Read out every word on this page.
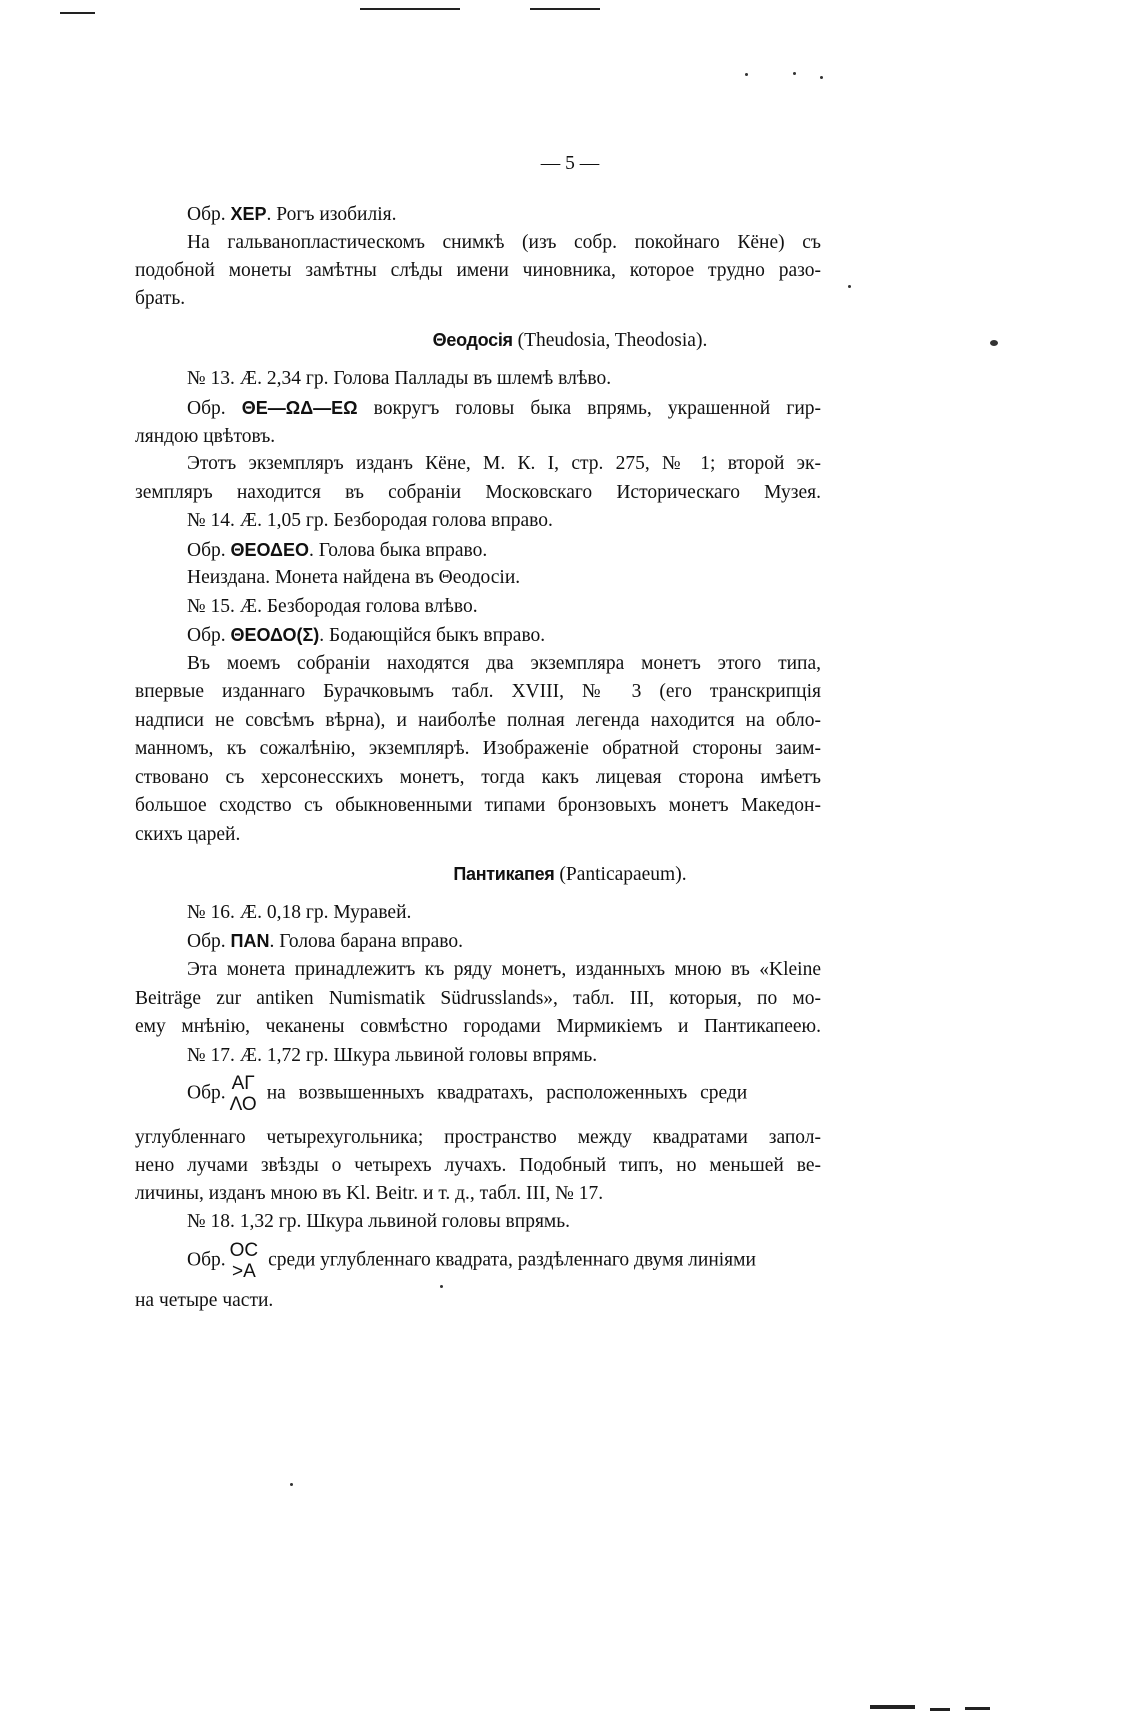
— 5 —
Обр. ХЕР. Рогъ изобилія.
На гальванопластическомъ снимкѣ (изъ собр. покойнаго Кёне) съ
подобной монеты замѣтны слѣды имени чиновника, которое трудно разо-
брать.
Θеодосія (Theudosia, Theodosia).
№ 13. Æ. 2,34 гр. Голова Паллады въ шлемѣ влѣво.
Обр. ΘΕ—ΩΔ—ΕΩ вокругъ головы быка впрямь, украшенной гир-
ляндою цвѣтовъ.
Этотъ экземпляръ изданъ Кёне, М. К. I, стр. 275, № 1; второй эк-
земпляръ находится въ собраніи Московскаго Историческаго Музея.
№ 14. Æ. 1,05 гр. Безбородая голова вправо.
Обр. ΘΕΟΔΕΟ. Голова быка вправо.
Неиздана. Монета найдена въ Θеодосіи.
№ 15. Æ. Безбородая голова влѣво.
Обр. ΘΕΟΔΟ(Σ). Бодающійся быкъ вправо.
Въ моемъ собраніи находятся два экземпляра монетъ этого типа,
впервые изданнаго Бурачковымъ табл. XVIII, № 3 (его транскрипція
надписи не совсѣмъ вѣрна), и наиболѣе полная легенда находится на обло-
манномъ, къ сожалѣнію, экземплярѣ. Изображеніе обратной стороны заим-
ствовано съ херсонесскихъ монетъ, тогда какъ лицевая сторона имѣетъ
большое сходство съ обыкновенными типами бронзовыхъ монетъ Македон-
скихъ царей.
Пантикапея (Panticapaeum).
№ 16. Æ. 0,18 гр. Муравей.
Обр. ΠΑΝ. Голова барана вправо.
Эта монета принадлежитъ къ ряду монетъ, изданныхъ мною въ «Kleine
Beiträge zur antiken Numismatik Südrusslands», табл. III, которыя, по мо-
ему мнѣнію, чеканены совмѣстно городами Мирмикіемъ и Пантикапеею.
№ 17. Æ. 1,72 гр. Шкура львиной головы впрямь.
Обр. ΑΓ
ΛΟ
на возвышенныхъ квадратахъ, расположенныхъ среди
углубленнаго четырехугольника; пространство между квадратами запол-
нено лучами звѣзды о четырехъ лучахъ. Подобный типъ, но меньшей ве-
личины, изданъ мною въ Kl. Beitr. и т. д., табл. III, № 17.
№ 18. 1,32 гр. Шкура львиной головы впрямь.
Обр. ΟC
>Α
среди углубленнаго квадрата, раздѣленнаго двумя линіями
на четыре части.
